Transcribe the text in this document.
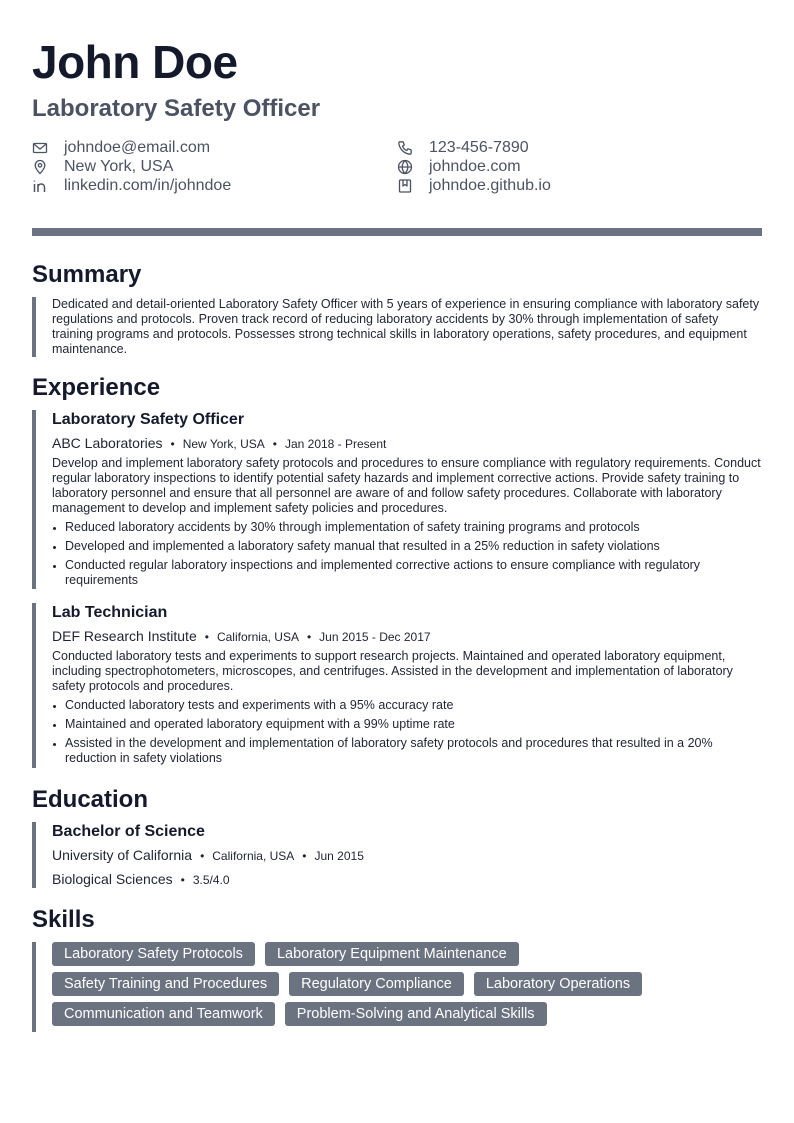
John Doe
Laboratory Safety Officer
johndoe@email.com	123-456-7890
New York, USA	johndoe.com
linkedin.com/in/johndoe	johndoe.github.io
Summary

Dedicated and detail-oriented Laboratory Safety Officer with 5 years of experience in ensuring compliance with laboratory safety regulations and protocols. Proven track record of reducing laboratory accidents by 30% through implementation of safety training programs and protocols. Possesses strong technical skills in laboratory operations, safety procedures, and equipment maintenance.

Experience

Laboratory Safety Officer

ABC Laboratories • New York, USA • Jan 2018 - Present

Develop and implement laboratory safety protocols and procedures to ensure compliance with regulatory requirements. Conduct regular laboratory inspections to identify potential safety hazards and implement corrective actions. Provide safety training to laboratory personnel and ensure that all personnel are aware of and follow safety procedures. Collaborate with laboratory management to develop and implement safety policies and procedures.

Reduced laboratory accidents by 30% through implementation of safety training programs and protocols
Developed and implemented a laboratory safety manual that resulted in a 25% reduction in safety violations
Conducted regular laboratory inspections and implemented corrective actions to ensure compliance with regulatory requirements

Lab Technician

DEF Research Institute • California, USA • Jun 2015 - Dec 2017

Conducted laboratory tests and experiments to support research projects. Maintained and operated laboratory equipment, including spectrophotometers, microscopes, and centrifuges. Assisted in the development and implementation of laboratory safety protocols and procedures.

Conducted laboratory tests and experiments with a 95% accuracy rate
Maintained and operated laboratory equipment with a 99% uptime rate
Assisted in the development and implementation of laboratory safety protocols and procedures that resulted in a 20% reduction in safety violations
Education

Bachelor of Science

University of California • California, USA • Jun 2015
Biological Sciences • 3.5/4.0
Skills
Laboratory Safety Protocols	Laboratory Equipment Maintenance
Safety Training and Procedures	Regulatory Compliance	Laboratory Operations
Communication and Teamwork	Problem-Solving and Analytical Skills
